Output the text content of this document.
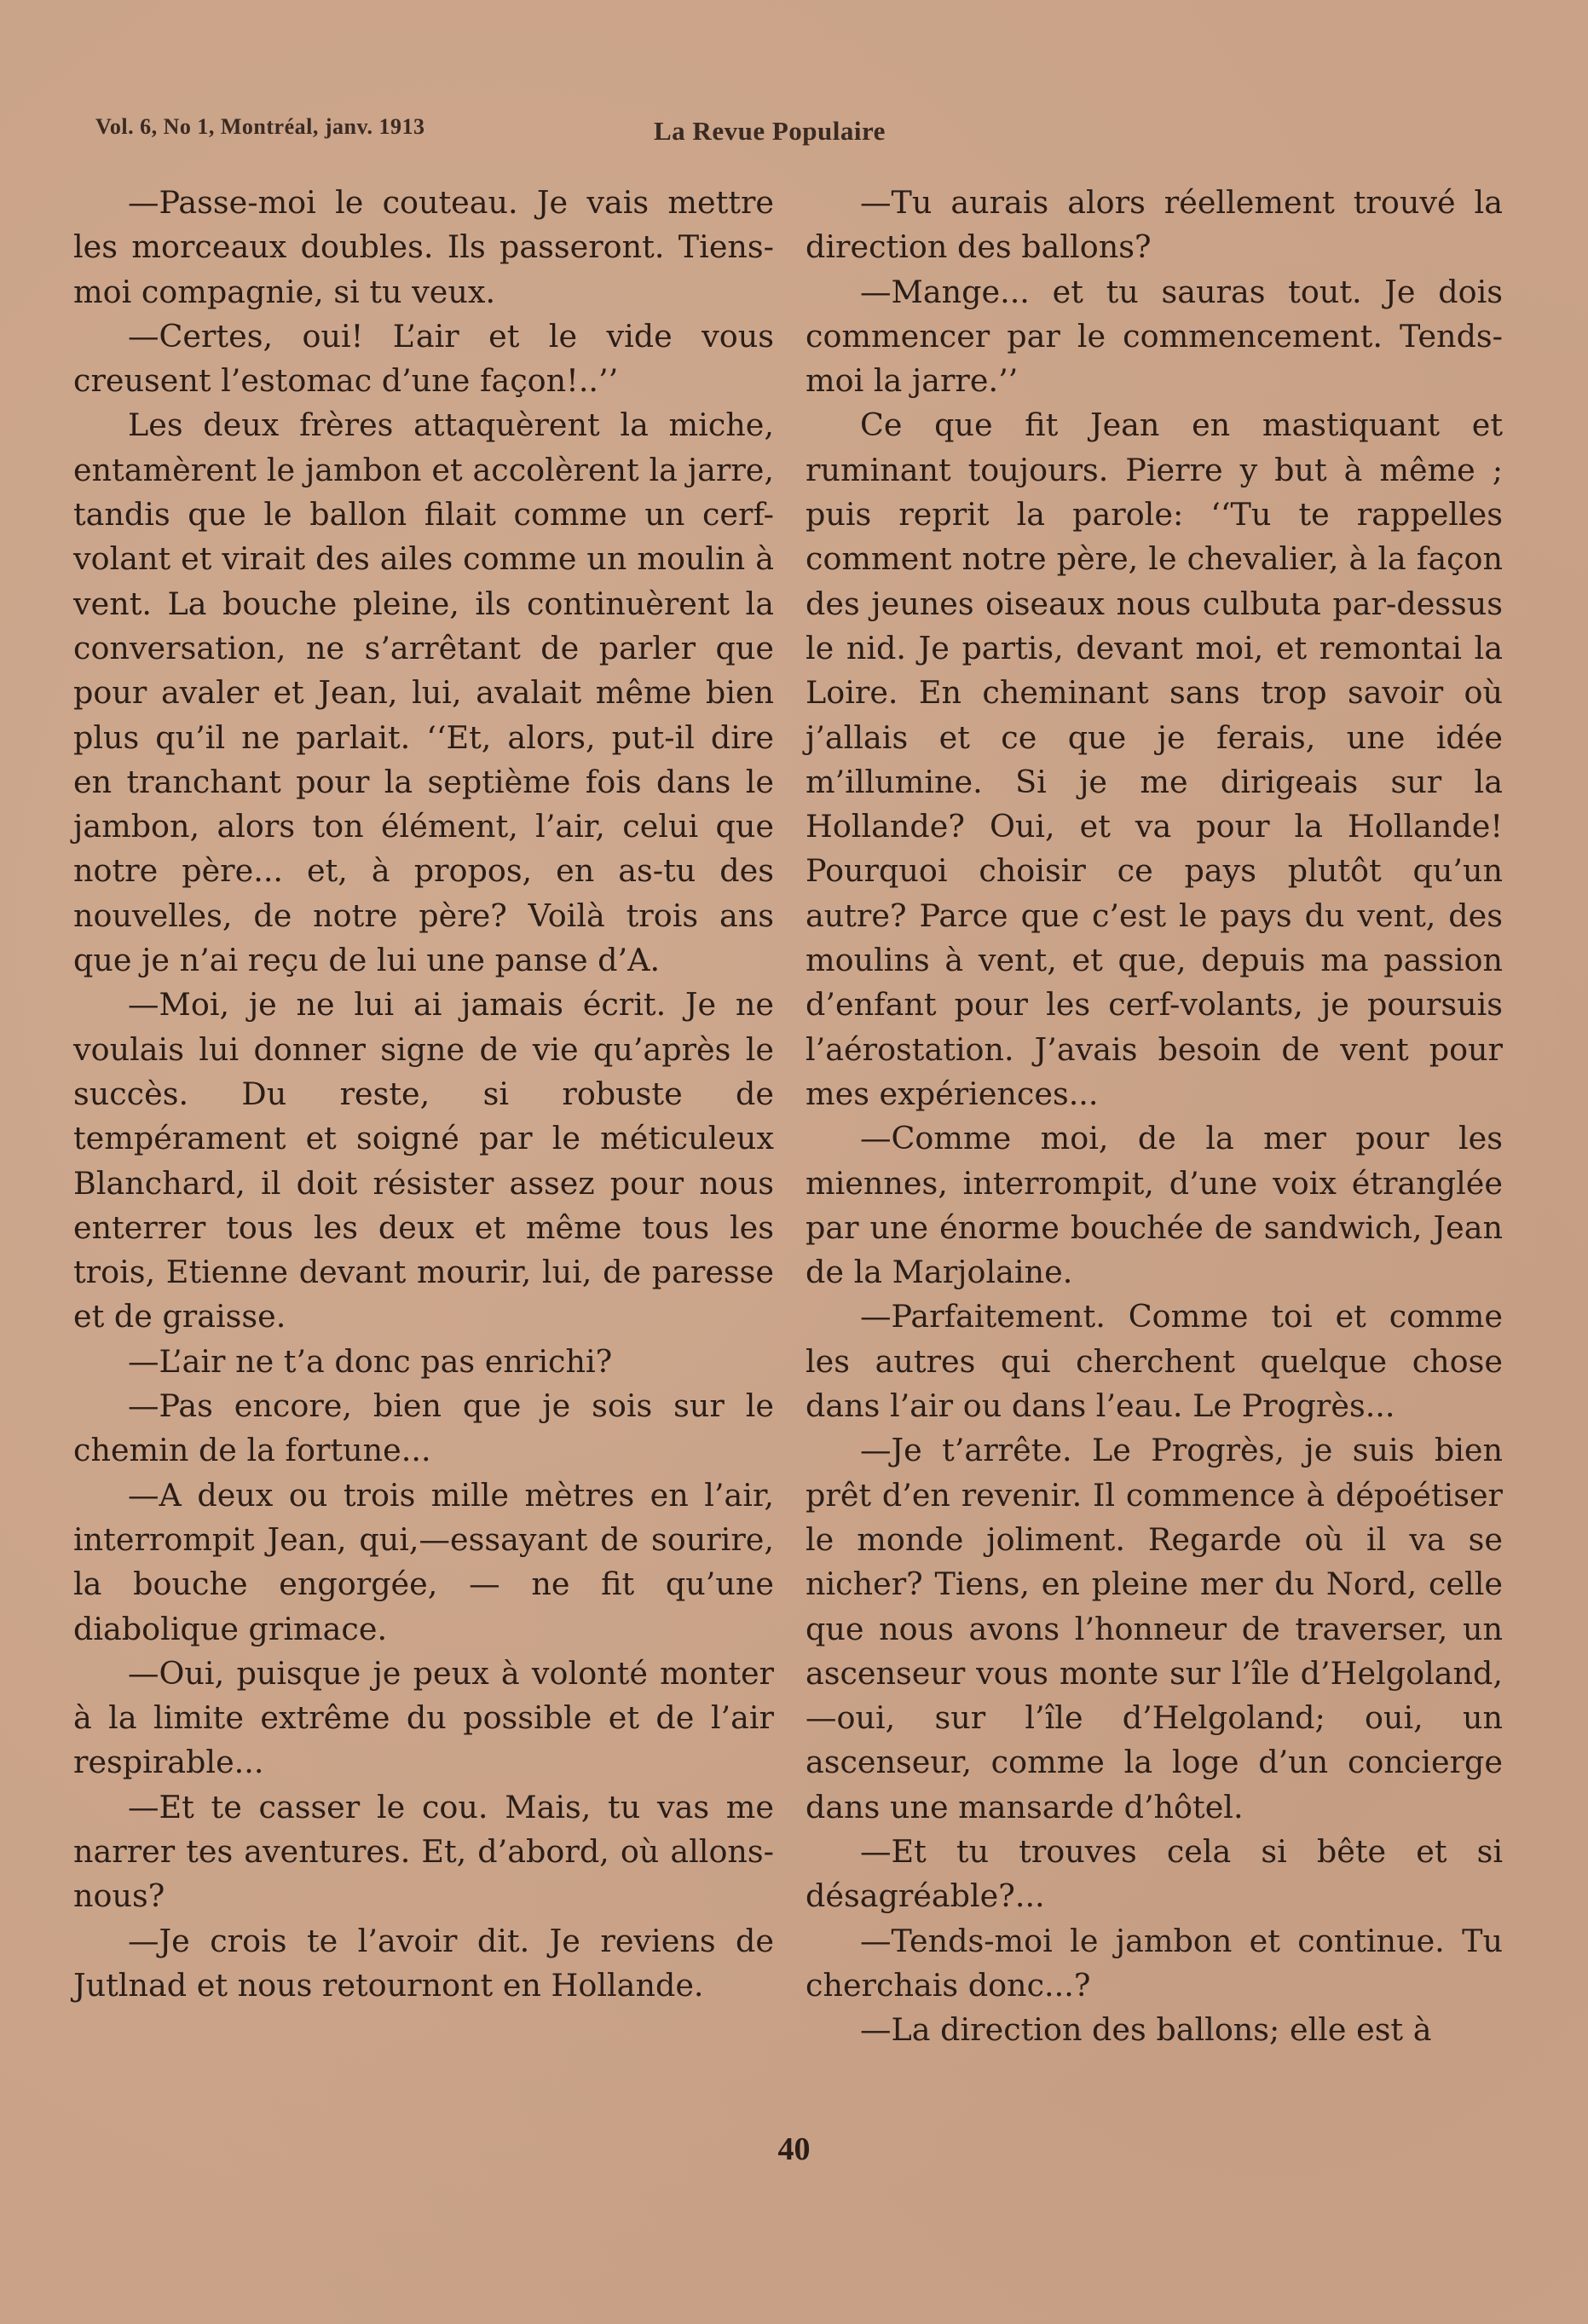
Vol. 6, No 1, Montréal, janv. 1913	La Revue Populaire

—Passe-moi le couteau. Je vais mettre les morceaux doubles. Ils passeront. Tiens-moi compagnie, si tu veux.

—Certes, oui! L’air et le vide vous creusent l’estomac d’une façon!..’’

Les deux frères attaquèrent la miche, entamèrent le jambon et accolèrent la jarre, tandis que le ballon filait comme un cerf-volant et virait des ailes comme un moulin à vent. La bouche pleine, ils continuèrent la conversation, ne s’arrêtant de parler que pour avaler et Jean, lui, avalait même bien plus qu’il ne parlait. ‘‘Et, alors, put-il dire en tranchant pour la septième fois dans le jambon, alors ton élément, l’air, celui que notre père... et, à propos, en as-tu des nouvelles, de notre père? Voilà trois ans que je n’ai reçu de lui une panse d’A.

—Moi, je ne lui ai jamais écrit. Je ne voulais lui donner signe de vie qu’après le succès. Du reste, si robuste de tempérament et soigné par le méticuleux Blanchard, il doit résister assez pour nous enterrer tous les deux et même tous les trois, Etienne devant mourir, lui, de paresse et de graisse.

—L’air ne t’a donc pas enrichi?

—Pas encore, bien que je sois sur le chemin de la fortune...

—A deux ou trois mille mètres en l’air, interrompit Jean, qui,—essayant de sourire, la bouche engorgée, — ne fit qu’une diabolique grimace.

—Oui, puisque je peux à volonté monter à la limite extrême du possible et de l’air respirable...

—Et te casser le cou. Mais, tu vas me narrer tes aventures. Et, d’abord, où allons-nous?

—Je crois te l’avoir dit. Je reviens de Jutlnad et nous retournont en Hollande.

—Tu aurais alors réellement trouvé la direction des ballons?

—Mange... et tu sauras tout. Je dois commencer par le commencement. Tends-moi la jarre.’’

Ce que fit Jean en mastiquant et ruminant toujours. Pierre y but à même ; puis reprit la parole: ‘‘Tu te rappelles comment notre père, le chevalier, à la façon des jeunes oiseaux nous culbuta par-dessus le nid. Je partis, devant moi, et remontai la Loire. En cheminant sans trop savoir où j’allais et ce que je ferais, une idée m’illumine. Si je me dirigeais sur la Hollande? Oui, et va pour la Hollande! Pourquoi choisir ce pays plutôt qu’un autre? Parce que c’est le pays du vent, des moulins à vent, et que, depuis ma passion d’enfant pour les cerf-volants, je poursuis l’aérostation. J’avais besoin de vent pour mes expériences...

—Comme moi, de la mer pour les miennes, interrompit, d’une voix étranglée par une énorme bouchée de sandwich, Jean de la Marjolaine.

—Parfaitement. Comme toi et comme les autres qui cherchent quelque chose dans l’air ou dans l’eau. Le Progrès...

—Je t’arrête. Le Progrès, je suis bien prêt d’en revenir. Il commence à dépoétiser le monde joliment. Regarde où il va se nicher? Tiens, en pleine mer du Nord, celle que nous avons l’honneur de traverser, un ascenseur vous monte sur l’île d’Helgoland,—oui, sur l’île d’Helgoland; oui, un ascenseur, comme la loge d’un concierge dans une mansarde d’hôtel.

—Et tu trouves cela si bête et si désagréable?...

—Tends-moi le jambon et continue. Tu cherchais donc...?

—La direction des ballons; elle est à

40
